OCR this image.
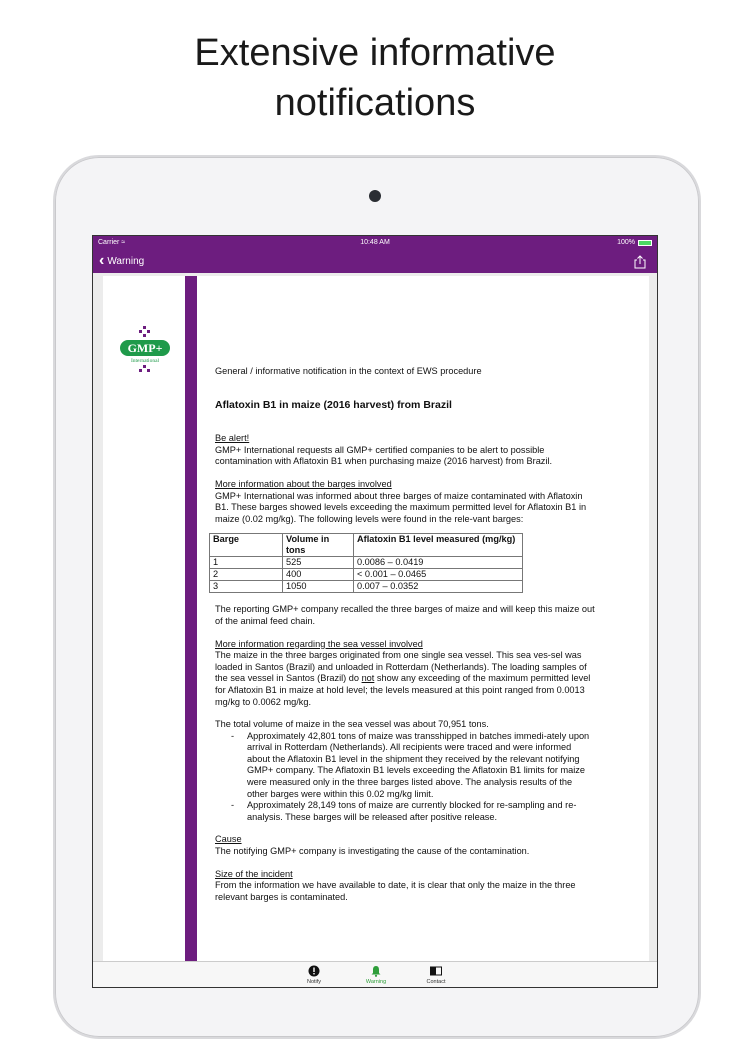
Extensive informative
notifications
Carrier ≈	10:48 AM	100%
‹ Warning
GMP+
International

General / informative notification in the context of EWS procedure

Aflatoxin B1 in maize (2016 harvest) from Brazil

Be alert!

GMP+ International requests all GMP+ certified companies to be alert to possible contamination with Aflatoxin B1 when purchasing maize (2016 harvest) from Brazil.

More information about the barges involved

GMP+ International was informed about three barges of maize contaminated with Aflatoxin B1. These barges showed levels exceeding the maximum permitted level for Aflatoxin B1 in maize (0.02 mg/kg). The following levels were found in the rele-vant barges:

Barge	Volume in tons	Aflatoxin B1 level measured (mg/kg)
1	525	0.0086 – 0.0419
2	400	< 0.001 – 0.0465
3	1050	0.007 – 0.0352

The reporting GMP+ company recalled the three barges of maize and will keep this maize out of the animal feed chain.

More information regarding the sea vessel involved

The maize in the three barges originated from one single sea vessel. This sea ves-sel was loaded in Santos (Brazil) and unloaded in Rotterdam (Netherlands). The loading samples of the sea vessel in Santos (Brazil) do not show any exceeding of the maximum permitted level for Aflatoxin B1 in maize at hold level; the levels measured at this point ranged from 0.0013 mg/kg to 0.0062 mg/kg.

The total volume of maize in the sea vessel was about 70,951 tons.

- Approximately 42,801 tons of maize was transshipped in batches immedi-ately upon arrival in Rotterdam (Netherlands). All recipients were traced and were informed about the Aflatoxin B1 level in the shipment they received by the relevant notifying GMP+ company. The Aflatoxin B1 levels exceeding the Aflatoxin B1 limits for maize were measured only in the three barges listed above. The analysis results of the other barges were within this 0.02 mg/kg limit.
- Approximately 28,149 tons of maize are currently blocked for re-sampling and re-analysis. These barges will be released after positive release.

Cause

The notifying GMP+ company is investigating the cause of the contamination.

Size of the incident

From the information we have available to date, it is clear that only the maize in the three relevant barges is contaminated.

Notify	Warning	Contact
